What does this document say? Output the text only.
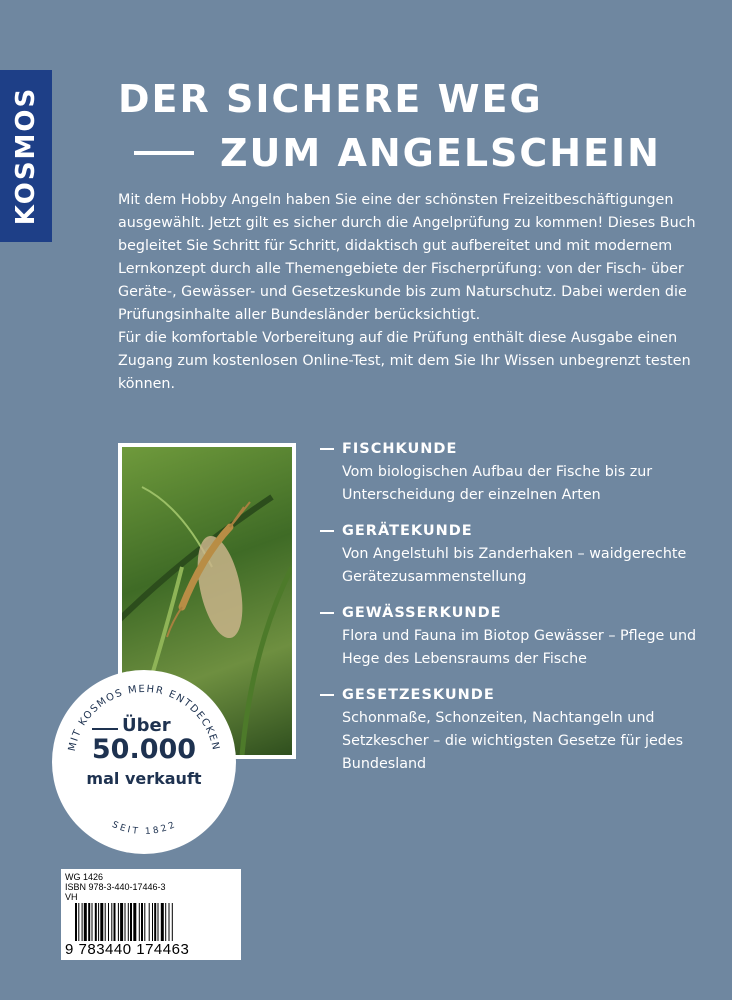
KOSMOS DER SICHERE WEG
ZUM ANGELSCHEIN

Mit dem Hobby Angeln haben Sie eine der schönsten Freizeitbeschäftigungen ausgewählt. Jetzt gilt es sicher durch die Angelprüfung zu kommen! Dieses Buch begleitet Sie Schritt für Schritt, didaktisch gut aufbereitet und mit modernem Lernkonzept durch alle Themengebiete der Fischerprüfung: von der Fisch- über Geräte-, Gewässer- und Gesetzeskunde bis zum Naturschutz. Dabei werden die Prüfungsinhalte aller Bundesländer berücksichtigt.

Für die komfortable Vorbereitung auf die Prüfung enthält diese Ausgabe einen Zugang zum kostenlosen Online-Test, mit dem Sie Ihr Wissen unbegrenzt testen können.

FISCHKUNDE
Vom biologischen Aufbau der Fische bis zur Unterscheidung der einzelnen Arten
GERÄTEKUNDE
Von Angelstuhl bis Zanderhaken – waidgerechte Gerätezusammenstellung
GEWÄSSERKUNDE
Flora und Fauna im Biotop Gewässer – Pflege und Hege des Lebensraums der Fische
GESETZESKUNDE
Schonmaße, Schonzeiten, Nachtangeln und Setzkescher – die wichtigsten Gesetze für jedes Bundesland
MIT KOSMOS MEHR ENTDECKEN
SEIT 1822
Über
50.000
mal verkauft
WG 1426
ISBN 978-3-440-17446-3
VH
9 783440 174463 kosmos.de
